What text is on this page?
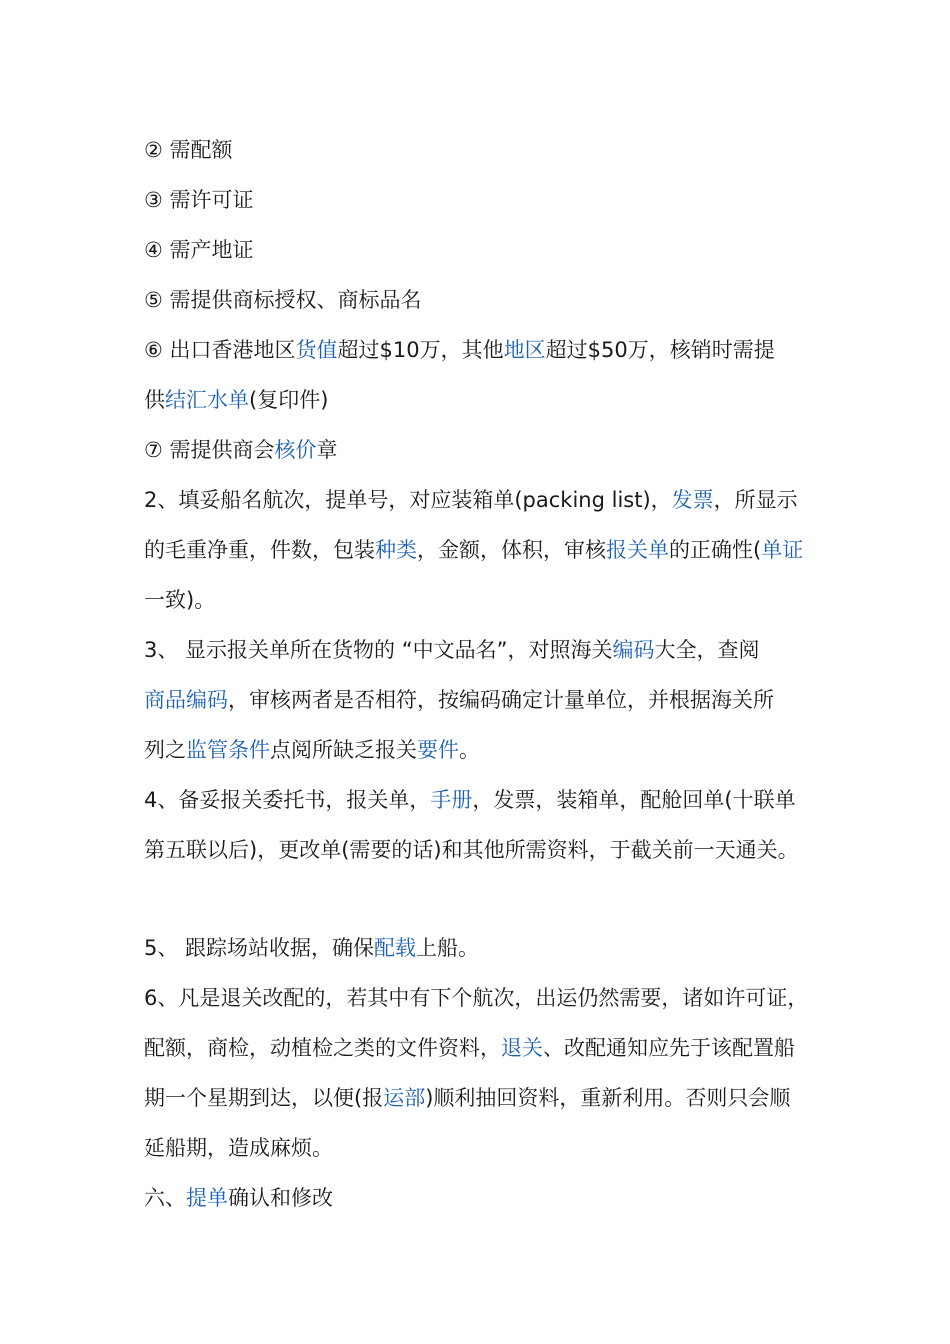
② 需配额

③ 需许可证

④ 需产地证

⑤ 需提供商标授权、商标品名

⑥ 出口香港地区货值超过$10万，其他地区超过$50万，核销时需提

供结汇水单(复印件)

⑦ 需提供商会核价章

2、填妥船名航次，提单号，对应装箱单(packing list)，发票，所显示

的毛重净重，件数，包装种类，金额，体积，审核报关单的正确性(单证

一致)。

3、 显示报关单所在货物的 “中文品名”，对照海关编码大全，查阅

商品编码，审核两者是否相符，按编码确定计量单位，并根据海关所

列之监管条件点阅所缺乏报关要件。

4、备妥报关委托书，报关单，手册，发票，装箱单，配舱回单(十联单

第五联以后)，更改单(需要的话)和其他所需资料，于截关前一天通关。

5、 跟踪场站收据，确保配载上船。

6、凡是退关改配的，若其中有下个航次，出运仍然需要，诸如许可证，

配额，商检，动植检之类的文件资料，退关、改配通知应先于该配置船

期一个星期到达，以便(报运部)顺利抽回资料，重新利用。否则只会顺

延船期，造成麻烦。

六、提单确认和修改
